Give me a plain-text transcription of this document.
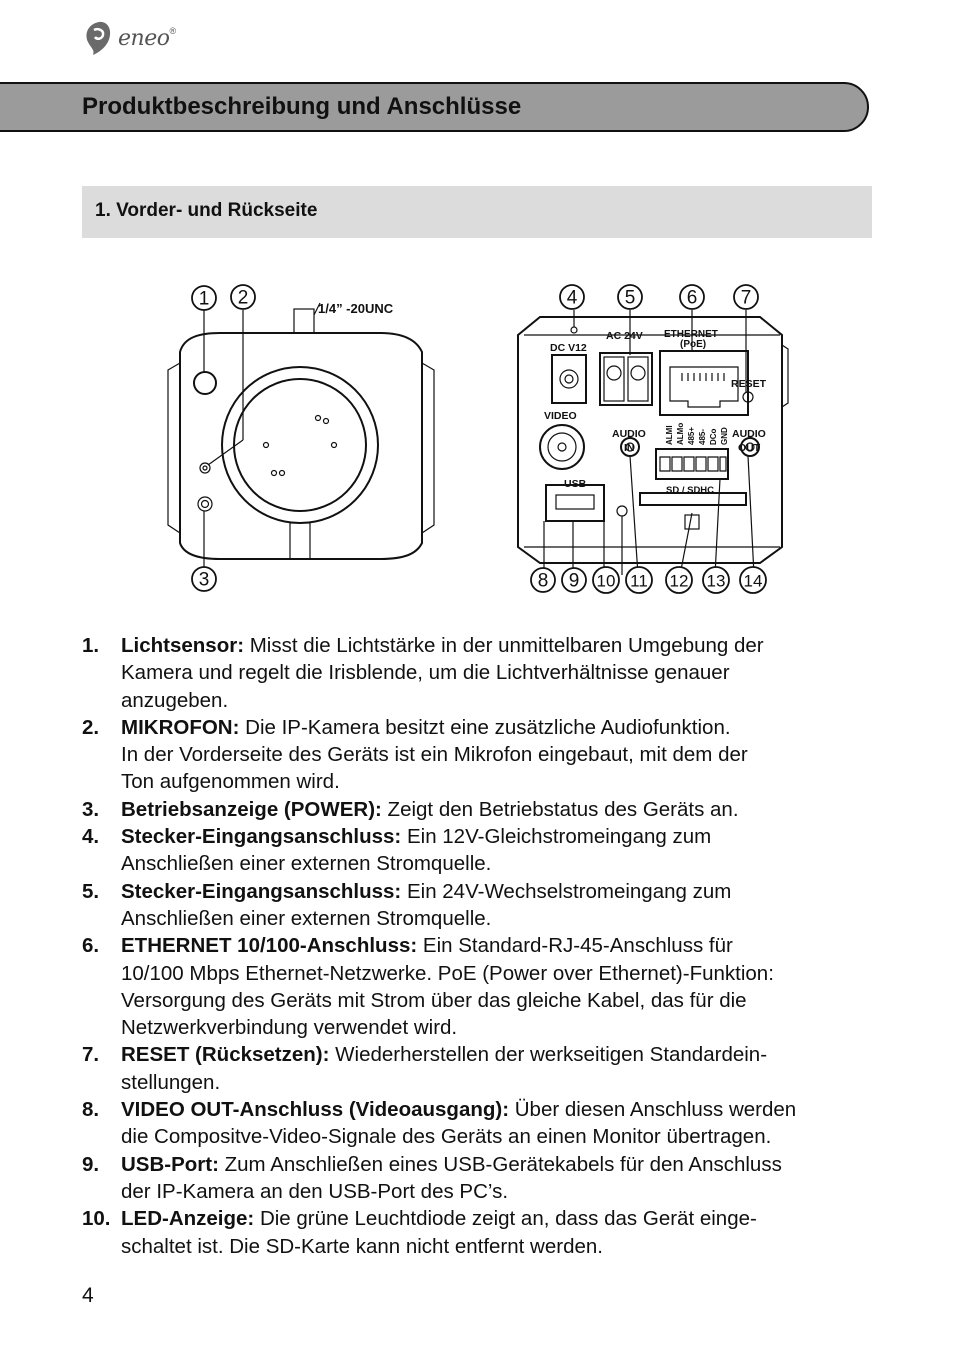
eneo ®
Produktbeschreibung und Anschlüsse
1. Vorder- und Rückseite
1 2
3
1/4” -20UNC
DC V12
AC 24V ETHERNET
(PoE)
RESET
VIDEO
AUDIO
IN
AUDIO
OUT
USB
SD / SDHC
ALMI ALMo 485+ 485- DCo GND
4 5	6 7
8 9 10 11 12 13 14
1. Lichtsensor: Misst die Lichtstärke in der unmittelbaren Umgebung der
Kamera und regelt die Irisblende, um die Lichtverhältnisse genauer
anzugeben.
2. MIKROFON: Die IP-Kamera besitzt eine zusätzliche Audiofunktion.
In der Vorderseite des Geräts ist ein Mikrofon eingebaut, mit dem der
Ton aufgenommen wird.
3. Betriebsanzeige (POWER): Zeigt den Betriebstatus des Geräts an.
4. Stecker-Eingangsanschluss: Ein 12V-Gleichstromeingang zum
Anschließen einer externen Stromquelle.
5. Stecker-Eingangsanschluss: Ein 24V-Wechselstromeingang zum
Anschließen einer externen Stromquelle.
6. ETHERNET 10/100-Anschluss: Ein Standard-RJ-45-Anschluss für
10/100 Mbps Ethernet-Netzwerke. PoE (Power over Ethernet)-Funktion:
Versorgung des Geräts mit Strom über das gleiche Kabel, das für die
Netzwerkverbindung verwendet wird.
7. RESET (Rücksetzen): Wiederherstellen der werkseitigen Standardein-
stellungen.
8. VIDEO OUT-Anschluss (Videoausgang): Über diesen Anschluss werden
die Compositve-Video-Signale des Geräts an einen Monitor übertragen.
9. USB-Port: Zum Anschließen eines USB-Gerätekabels für den Anschluss
der IP-Kamera an den USB-Port des PC’s.
10. LED-Anzeige: Die grüne Leuchtdiode zeigt an, dass das Gerät einge-
schaltet ist. Die SD-Karte kann nicht entfernt werden.
4
